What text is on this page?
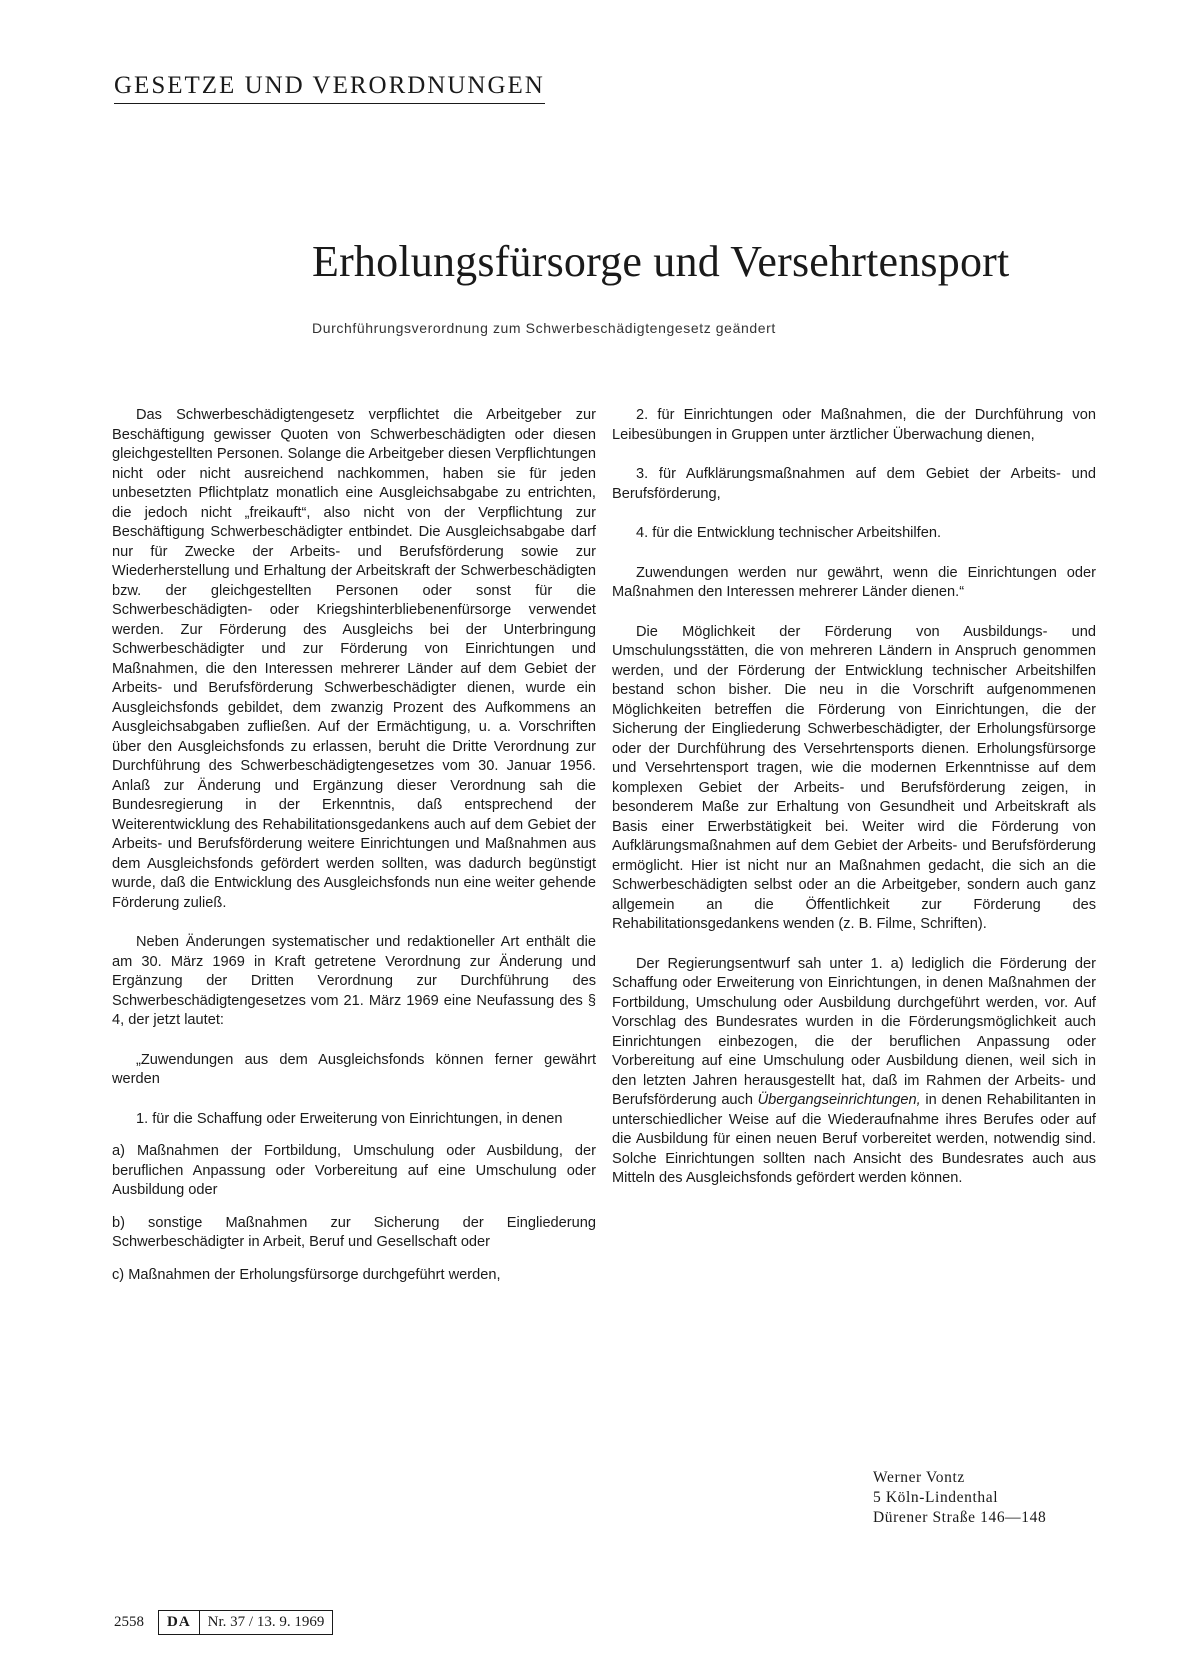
GESETZE UND VERORDNUNGEN
Erholungsfürsorge und Versehrtensport
Durchführungsverordnung zum Schwerbeschädigtengesetz geändert

Das Schwerbeschädigtengesetz verpflichtet die Arbeitgeber zur Beschäftigung gewisser Quoten von Schwerbeschädigten oder diesen gleichgestellten Personen. Solange die Arbeitgeber diesen Verpflichtungen nicht oder nicht ausreichend nachkommen, haben sie für jeden unbesetzten Pflichtplatz monatlich eine Ausgleichsabgabe zu entrichten, die jedoch nicht „freikauft“, also nicht von der Verpflichtung zur Beschäftigung Schwerbeschädigter entbindet. Die Ausgleichsabgabe darf nur für Zwecke der Arbeits- und Berufsförderung sowie zur Wiederherstellung und Erhaltung der Arbeitskraft der Schwerbeschädigten bzw. der gleichgestellten Personen oder sonst für die Schwerbeschädigten- oder Kriegshinterbliebenenfürsorge verwendet werden. Zur Förderung des Ausgleichs bei der Unterbringung Schwerbeschädigter und zur Förderung von Einrichtungen und Maßnahmen, die den Interessen mehrerer Länder auf dem Gebiet der Arbeits- und Berufsförderung Schwerbeschädigter dienen, wurde ein Ausgleichsfonds gebildet, dem zwanzig Prozent des Aufkommens an Ausgleichsabgaben zufließen. Auf der Ermächtigung, u. a. Vorschriften über den Ausgleichsfonds zu erlassen, beruht die Dritte Verordnung zur Durchführung des Schwerbeschädigtengesetzes vom 30. Januar 1956. Anlaß zur Änderung und Ergänzung dieser Verordnung sah die Bundesregierung in der Erkenntnis, daß entsprechend der Weiterentwicklung des Rehabilitationsgedankens auch auf dem Gebiet der Arbeits- und Berufsförderung weitere Einrichtungen und Maßnahmen aus dem Ausgleichsfonds gefördert werden sollten, was dadurch begünstigt wurde, daß die Entwicklung des Ausgleichsfonds nun eine weiter gehende Förderung zuließ.

Neben Änderungen systematischer und redaktioneller Art enthält die am 30. März 1969 in Kraft getretene Verordnung zur Änderung und Ergänzung der Dritten Verordnung zur Durchführung des Schwerbeschädigtengesetzes vom 21. März 1969 eine Neufassung des § 4, der jetzt lautet:

„Zuwendungen aus dem Ausgleichsfonds können ferner gewährt werden

1. für die Schaffung oder Erweiterung von Einrichtungen, in denen

a) Maßnahmen der Fortbildung, Umschulung oder Ausbildung, der beruflichen Anpassung oder Vorbereitung auf eine Umschulung oder Ausbildung oder

b) sonstige Maßnahmen zur Sicherung der Eingliederung Schwerbeschädigter in Arbeit, Beruf und Gesellschaft oder

c) Maßnahmen der Erholungsfürsorge durchgeführt werden,

2. für Einrichtungen oder Maßnahmen, die der Durchführung von Leibesübungen in Gruppen unter ärztlicher Überwachung dienen,

3. für Aufklärungsmaßnahmen auf dem Gebiet der Arbeits- und Berufsförderung,

4. für die Entwicklung technischer Arbeitshilfen.

Zuwendungen werden nur gewährt, wenn die Einrichtungen oder Maßnahmen den Interessen mehrerer Länder dienen.“

Die Möglichkeit der Förderung von Ausbildungs- und Umschulungsstätten, die von mehreren Ländern in Anspruch genommen werden, und der Förderung der Entwicklung technischer Arbeitshilfen bestand schon bisher. Die neu in die Vorschrift aufgenommenen Möglichkeiten betreffen die Förderung von Einrichtungen, die der Sicherung der Eingliederung Schwerbeschädigter, der Erholungsfürsorge oder der Durchführung des Versehrtensports dienen. Erholungsfürsorge und Versehrtensport tragen, wie die modernen Erkenntnisse auf dem komplexen Gebiet der Arbeits- und Berufsförderung zeigen, in besonderem Maße zur Erhaltung von Gesundheit und Arbeitskraft als Basis einer Erwerbstätigkeit bei. Weiter wird die Förderung von Aufklärungsmaßnahmen auf dem Gebiet der Arbeits- und Berufsförderung ermöglicht. Hier ist nicht nur an Maßnahmen gedacht, die sich an die Schwerbeschädigten selbst oder an die Arbeitgeber, sondern auch ganz allgemein an die Öffentlichkeit zur Förderung des Rehabilitationsgedankens wenden (z. B. Filme, Schriften).

Der Regierungsentwurf sah unter 1. a) lediglich die Förderung der Schaffung oder Erweiterung von Einrichtungen, in denen Maßnahmen der Fortbildung, Umschulung oder Ausbildung durchgeführt werden, vor. Auf Vorschlag des Bundesrates wurden in die Förderungsmöglichkeit auch Einrichtungen einbezogen, die der beruflichen Anpassung oder Vorbereitung auf eine Umschulung oder Ausbildung dienen, weil sich in den letzten Jahren herausgestellt hat, daß im Rahmen der Arbeits- und Berufsförderung auch Übergangseinrichtungen, in denen Rehabilitanten in unterschiedlicher Weise auf die Wiederaufnahme ihres Berufes oder auf die Ausbildung für einen neuen Beruf vorbereitet werden, notwendig sind. Solche Einrichtungen sollten nach Ansicht des Bundesrates auch aus Mitteln des Ausgleichsfonds gefördert werden können.

Werner Vontz
5 Köln-Lindenthal
Dürener Straße 146—148
2558	DA	Nr. 37 / 13. 9. 1969
